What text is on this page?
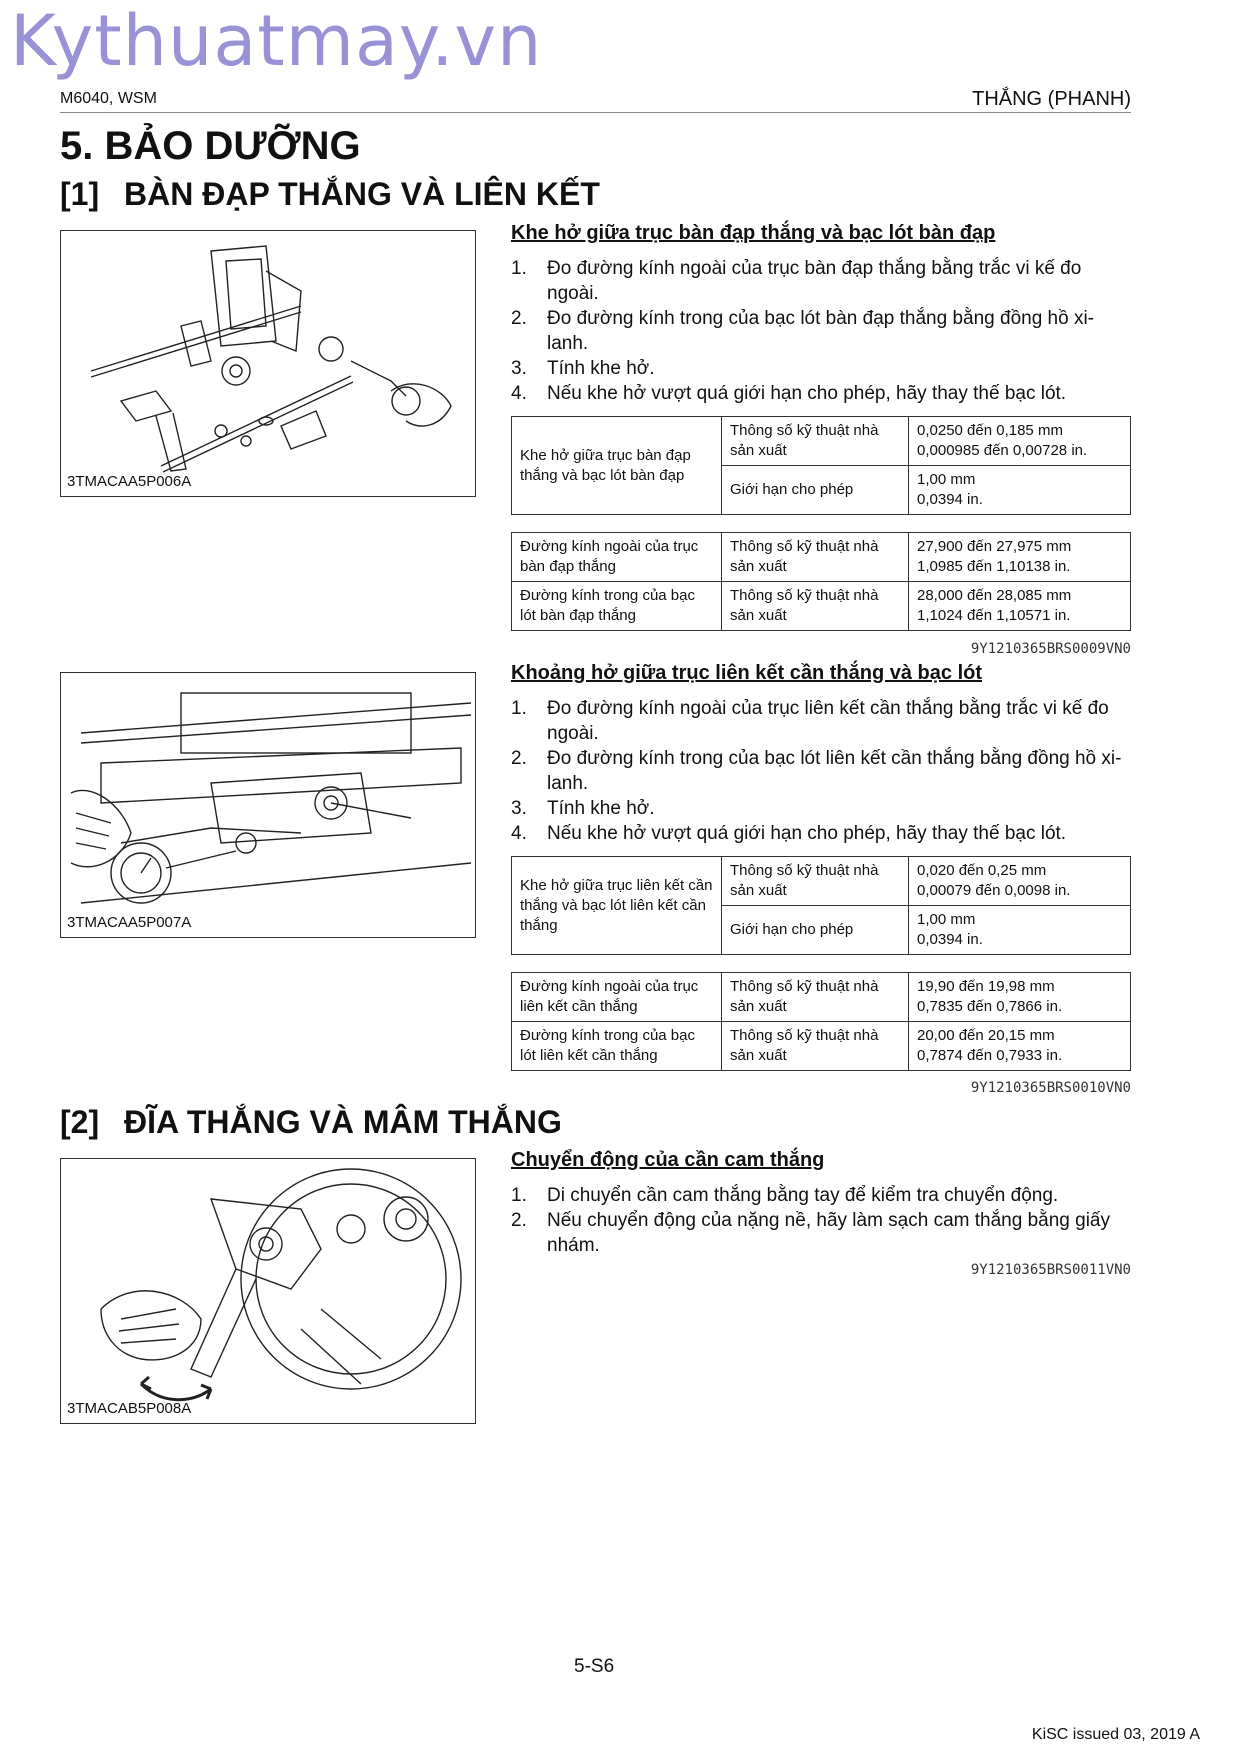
Kythuatmay.vn
M6040, WSM	THẮNG (PHANH)
5. BẢO DƯỠNG
[1] BÀN ĐẠP THẮNG VÀ LIÊN KẾT
3TMACAA5P006A
Khe hở giữa trục bàn đạp thắng và bạc lót bàn đạp
1. Đo đường kính ngoài của trục bàn đạp thắng bằng trắc vi kế đo ngoài.
2. Đo đường kính trong của bạc lót bàn đạp thắng bằng đồng hồ xi-lanh.
3. Tính khe hở.
4. Nếu khe hở vượt quá giới hạn cho phép, hãy thay thế bạc lót.
Khe hở giữa trục bàn đạp thắng và bạc lót bàn đạp	Thông số kỹ thuật nhà sản xuất	0,0250 đến 0,185 mm
0,000985 đến 0,00728 in.

	Giới hạn cho phép	1,00 mm
0,0394 in.
Đường kính ngoài của trục bàn đạp thắng	Thông số kỹ thuật nhà sản xuất	27,900 đến 27,975 mm
1,0985 đến 1,10138 in.

Đường kính trong của bạc lót bàn đạp thắng	Thông số kỹ thuật nhà sản xuất	28,000 đến 28,085 mm
1,1024 đến 1,10571 in.
9Y1210365BRS0009VN0
3TMACAA5P007A
Khoảng hở giữa trục liên kết cần thắng và bạc lót
1. Đo đường kính ngoài của trục liên kết cần thắng bằng trắc vi kế đo ngoài.
2. Đo đường kính trong của bạc lót liên kết cần thắng bằng đồng hồ xi-lanh.
3. Tính khe hở.
4. Nếu khe hở vượt quá giới hạn cho phép, hãy thay thế bạc lót.
Khe hở giữa trục liên kết cần thắng và bạc lót liên kết cần thắng	Thông số kỹ thuật nhà sản xuất	0,020 đến 0,25 mm
0,00079 đến 0,0098 in.

	Giới hạn cho phép	1,00 mm
0,0394 in.
Đường kính ngoài của trục liên kết cần thắng	Thông số kỹ thuật nhà sản xuất	19,90 đến 19,98 mm
0,7835 đến 0,7866 in.

Đường kính trong của bạc lót liên kết cần thắng	Thông số kỹ thuật nhà sản xuất	20,00 đến 20,15 mm
0,7874 đến 0,7933 in.
9Y1210365BRS0010VN0
[2] ĐĨA THẮNG VÀ MÂM THẮNG
3TMACAB5P008A
Chuyển động của cần cam thắng
1. Di chuyển cần cam thắng bằng tay để kiểm tra chuyển động.
2. Nếu chuyển động của nặng nề, hãy làm sạch cam thắng bằng giấy nhám.
9Y1210365BRS0011VN0
5-S6
KiSC issued 03, 2019 A
